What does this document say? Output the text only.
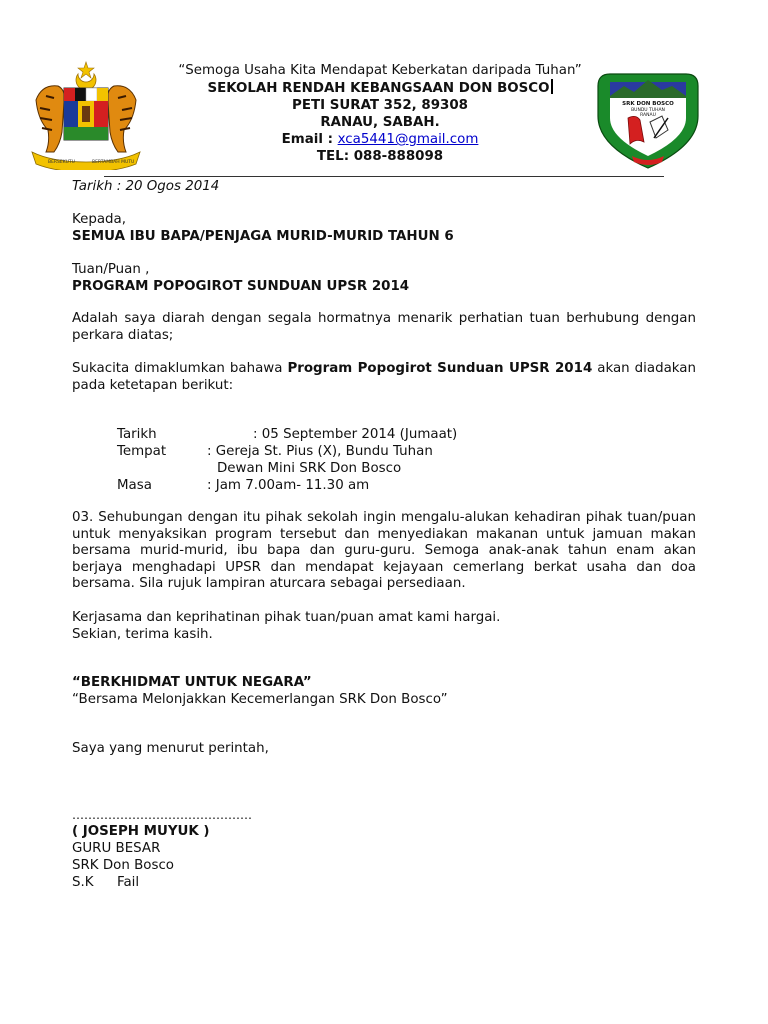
BERSEKUTU	BERTAMBAH MUTU
SRK DON BOSCO
BUNDU TUHAN
RANAU
“Semoga Usaha Kita Mendapat Keberkatan daripada Tuhan”
SEKOLAH RENDAH KEBANGSAAN DON BOSCO
PETI SURAT 352, 89308
RANAU, SABAH.
Email : xca5441@gmail.com
TEL: 088-888098
Tarikh : 20 Ogos 2014
Kepada,
SEMUA IBU BAPA/PENJAGA MURID-MURID TAHUN 6
Tuan/Puan ,
PROGRAM POPOGIROT SUNDUAN UPSR 2014
Adalah saya diarah dengan segala hormatnya menarik perhatian tuan berhubung dengan perkara diatas;
Sukacita dimaklumkan bahawa Program Popogirot Sunduan UPSR 2014 akan diadakan pada ketetapan berikut:
Tarikh	: 05 September 2014 (Jumaat)
Tempat	: Gereja St. Pius (X), Bundu Tuhan
Dewan Mini SRK Don Bosco
Masa	: Jam 7.00am- 11.30 am
03. Sehubungan dengan itu pihak sekolah ingin mengalu-alukan kehadiran pihak tuan/puan untuk menyaksikan program tersebut dan menyediakan makanan untuk jamuan makan bersama murid-murid, ibu bapa dan guru-guru. Semoga anak-anak tahun enam akan berjaya menghadapi UPSR dan mendapat kejayaan cemerlang berkat usaha dan doa bersama. Sila rujuk lampiran aturcara sebagai persediaan.
Kerjasama dan keprihatinan pihak tuan/puan amat kami hargai.
Sekian, terima kasih.
“BERKHIDMAT UNTUK NEGARA”
“Bersama Melonjakkan Kecemerlangan SRK Don Bosco”
Saya yang menurut perintah,
………………………………………
( JOSEPH MUYUK )
GURU BESAR
SRK Don Bosco
S.K Fail
